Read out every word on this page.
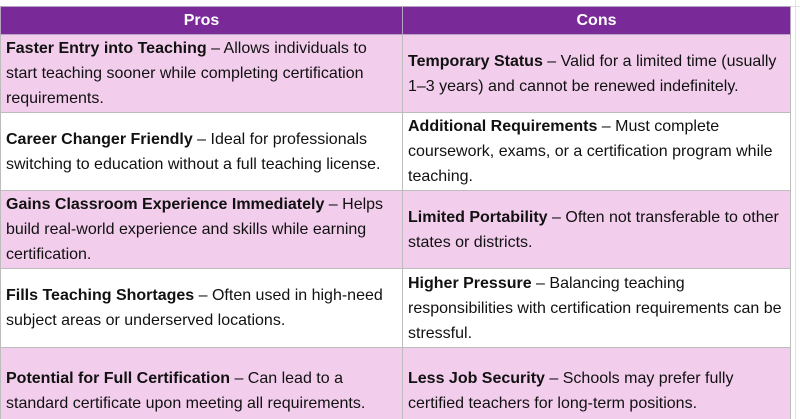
Pros	Cons
Faster Entry into Teaching – Allows individuals to start teaching sooner while completing certification requirements.	Temporary Status – Valid for a limited time (usually 1–3 years) and cannot be renewed indefinitely.
Career Changer Friendly – Ideal for professionals switching to education without a full teaching license.	Additional Requirements – Must complete coursework, exams, or a certification program while teaching.
Gains Classroom Experience Immediately – Helps build real-world experience and skills while earning certification.	Limited Portability – Often not transferable to other states or districts.
Fills Teaching Shortages – Often used in high-need subject areas or underserved locations.	Higher Pressure – Balancing teaching responsibilities with certification requirements can be stressful.
Potential for Full Certification – Can lead to a standard certificate upon meeting all requirements.	Less Job Security – Schools may prefer fully certified teachers for long-term positions.
